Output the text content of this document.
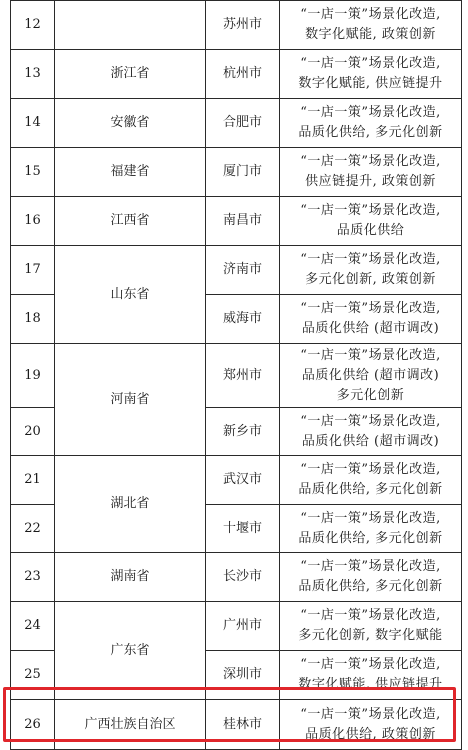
12		苏州市	“一店一策”场景化改造,
数字化赋能, 政策创新

13	浙江省	杭州市	“一店一策”场景化改造,
数字化赋能, 供应链提升

14	安徽省	合肥市	“一店一策”场景化改造,
品质化供给, 多元化创新

15	福建省	厦门市	“一店一策”场景化改造,
供应链提升, 政策创新

16	江西省	南昌市	“一店一策”场景化改造,
品质化供给

17	山东省	济南市	“一店一策”场景化改造,
多元化创新, 政策创新

18		威海市	“一店一策”场景化改造,
品质化供给 (超市调改)

19	河南省	郑州市	“一店一策”场景化改造,
品质化供给 (超市调改)
多元化创新

20		新乡市	“一店一策”场景化改造,
品质化供给 (超市调改)

21	湖北省	武汉市	“一店一策”场景化改造,
品质化供给, 多元化创新

22		十堰市	“一店一策”场景化改造,
品质化供给, 多元化创新

23	湖南省	长沙市	“一店一策”场景化改造,
品质化供给, 多元化创新

24	广东省	广州市	“一店一策”场景化改造,
多元化创新, 数字化赋能

25		深圳市	“一店一策”场景化改造,
数字化赋能, 供应链提升

26	广西壮族自治区	桂林市	“一店一策”场景化改造,
品质化供给, 政策创新
